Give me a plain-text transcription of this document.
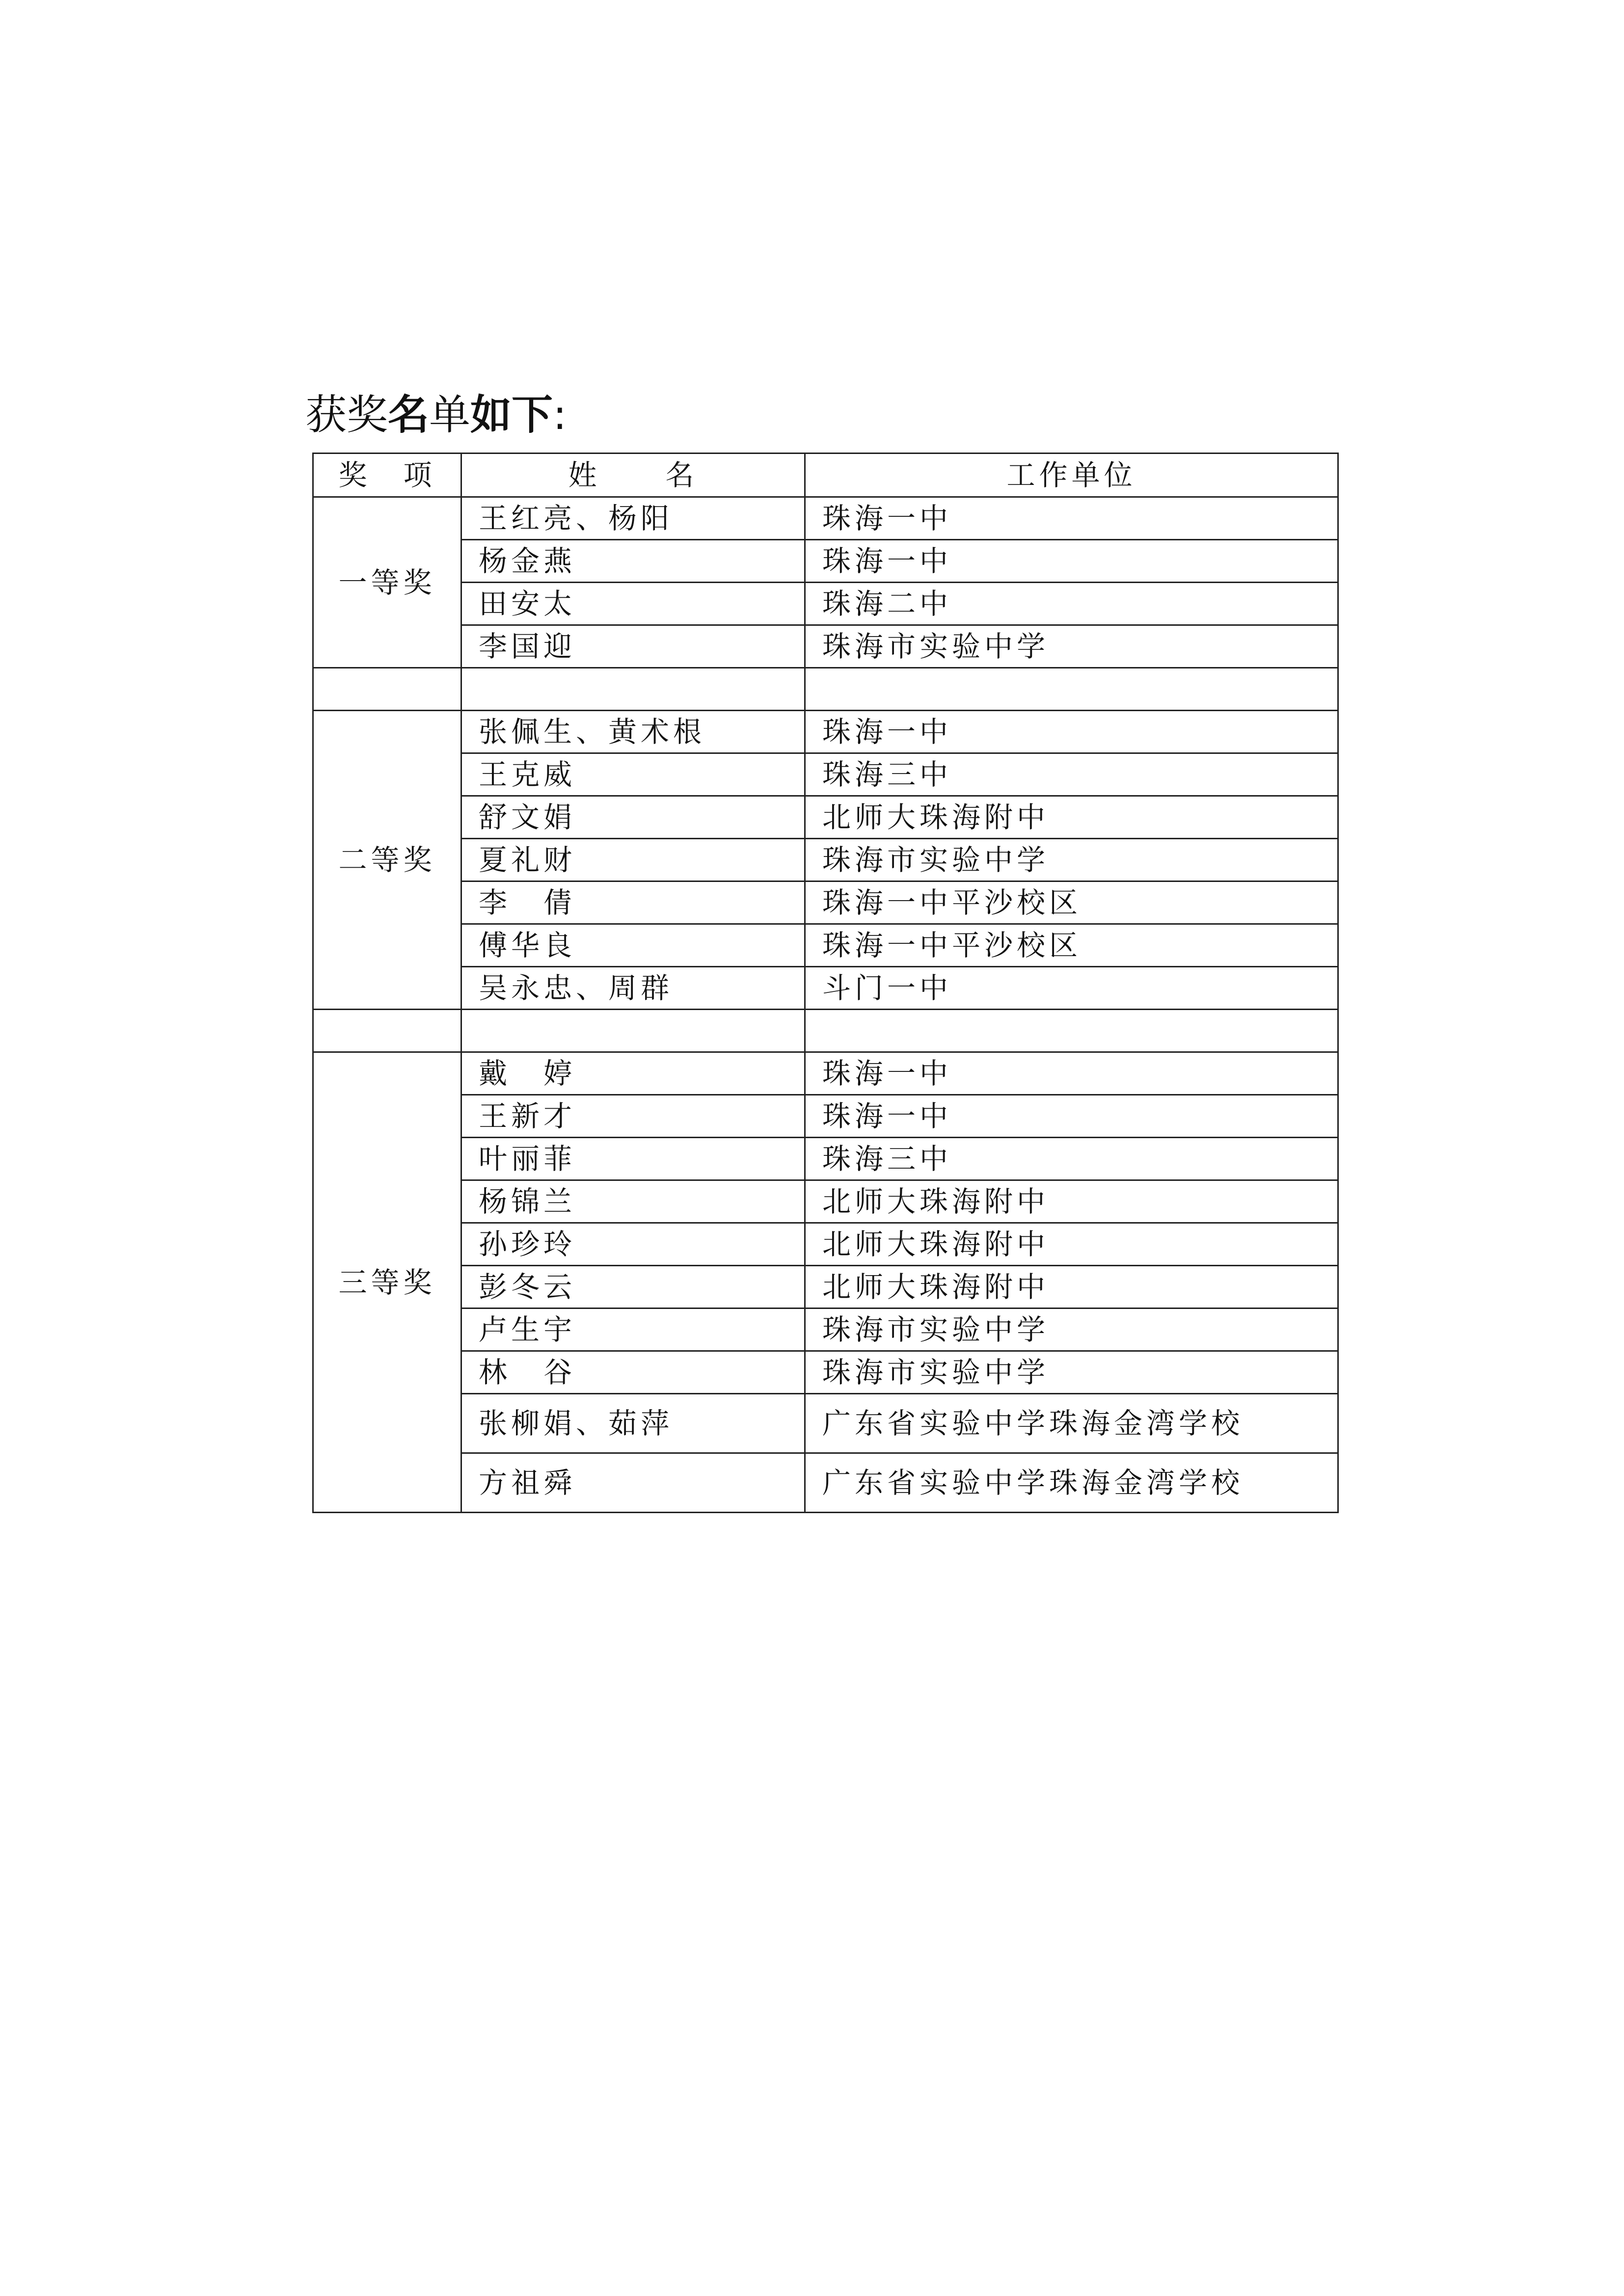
获奖名单如下:
奖　项	姓　　名	工作单位
一等奖	王红亮、杨阳	珠海一中
	杨金燕	珠海一中
	田安太	珠海二中
	李国迎	珠海市实验中学

二等奖	张佩生、黄术根	珠海一中
	王克威	珠海三中
	舒文娟	北师大珠海附中
	夏礼财	珠海市实验中学
	李　倩	珠海一中平沙校区
	傅华良	珠海一中平沙校区
	吴永忠、周群	斗门一中

三等奖	戴　婷	珠海一中
	王新才	珠海一中
	叶丽菲	珠海三中
	杨锦兰	北师大珠海附中
	孙珍玲	北师大珠海附中
	彭冬云	北师大珠海附中
	卢生宇	珠海市实验中学
	林　谷	珠海市实验中学
	张柳娟、茹萍	广东省实验中学珠海金湾学校
	方祖舜	广东省实验中学珠海金湾学校
